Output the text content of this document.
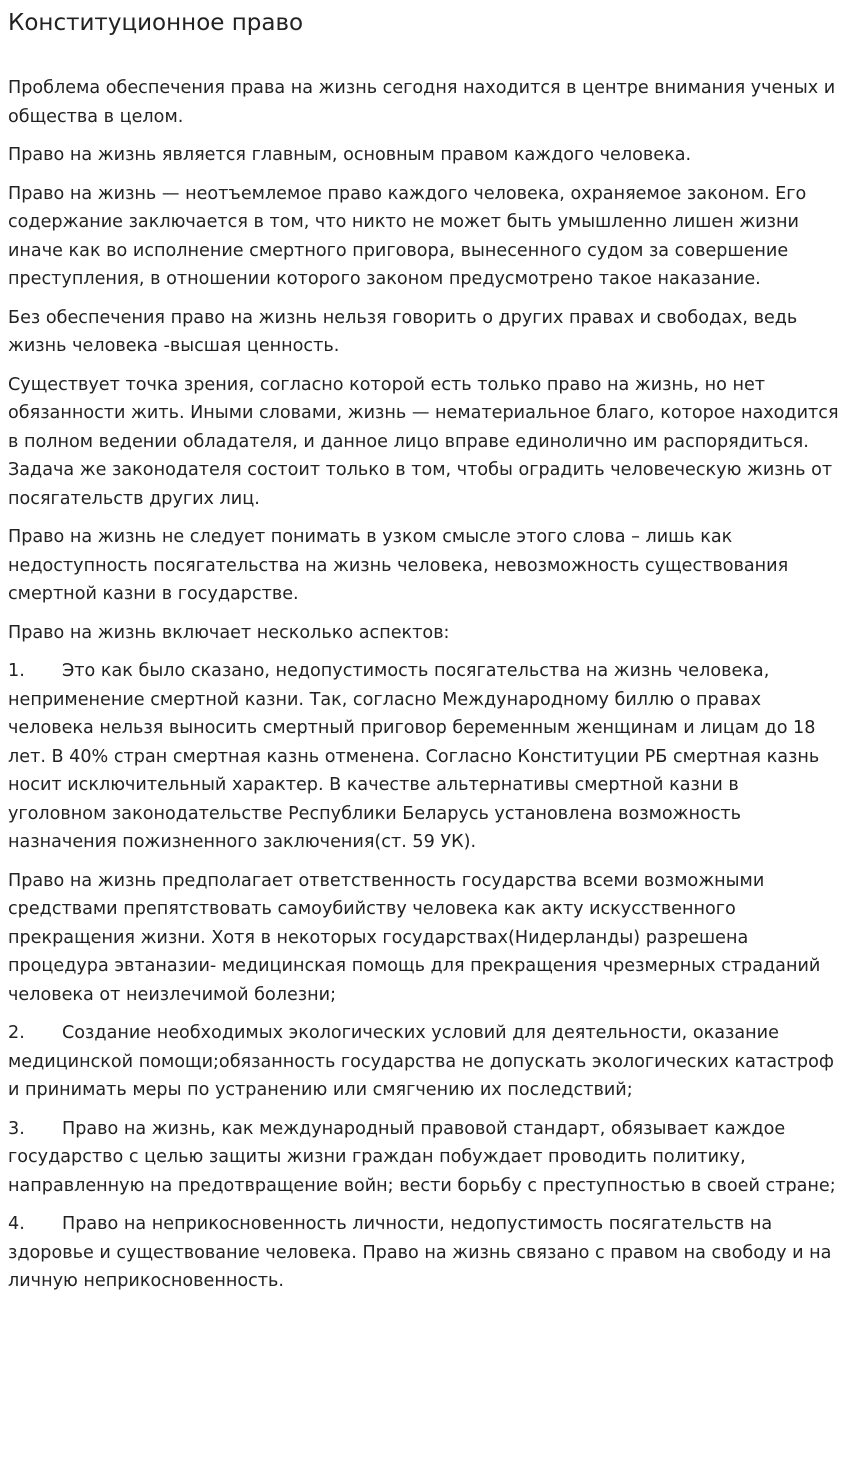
Конституционное право

Проблема обеспечения права на жизнь сегодня находится в центре внимания ученых и общества в целом.

Право на жизнь является главным, основным правом каждого человека.

Право на жизнь — неотъемлемое право каждого человека, охраняемое законом. Его содержание заключается в том, что никто не может быть умышленно лишен жизни иначе как во исполнение смертного приговора, вынесенного судом за совершение преступления, в отношении которого законом предусмотрено такое наказание.

Без обеспечения право на жизнь нельзя говорить о других правах и свободах, ведь жизнь человека -высшая ценность.

Существует точка зрения, согласно которой есть только право на жизнь, но нет обязанности жить. Иными словами, жизнь — нематериальное благо, которое находится в полном ведении обладателя, и данное лицо вправе единолично им распорядиться. Задача же законодателя состоит только в том, чтобы оградить человеческую жизнь от посягательств других лиц.

Право на жизнь не следует понимать в узком смысле этого слова – лишь как недоступность посягательства на жизнь человека, невозможность существования смертной казни в государстве.

Право на жизнь включает несколько аспектов:

1. Это как было сказано, недопустимость посягательства на жизнь человека, неприменение смертной казни. Так, согласно Международному биллю о правах человека нельзя выносить смертный приговор беременным женщинам и лицам до 18 лет. В 40% стран смертная казнь отменена. Согласно Конституции РБ смертная казнь носит исключительный характер. В качестве альтернативы смертной казни в уголовном законодательстве Республики Беларусь установлена возможность назначения пожизненного заключения(ст. 59 УК).

Право на жизнь предполагает ответственность государства всеми возможными средствами препятствовать самоубийству человека как акту искусственного прекращения жизни. Хотя в некоторых государствах(Нидерланды) разрешена процедура эвтаназии- медицинская помощь для прекращения чрезмерных страданий человека от неизлечимой болезни;

2. Создание необходимых экологических условий для деятельности, оказание медицинской помощи;обязанность государства не допускать экологических катастроф и принимать меры по устранению или смягчению их последствий;

3. Право на жизнь, как международный правовой стандарт, обязывает каждое государство с целью защиты жизни граждан побуждает проводить политику, направленную на предотвращение войн; вести борьбу с преступностью в своей стране;

4. Право на неприкосновенность личности, недопустимость посягательств на здоровье и существование человека. Право на жизнь связано с правом на свободу и на личную неприкосновенность.
